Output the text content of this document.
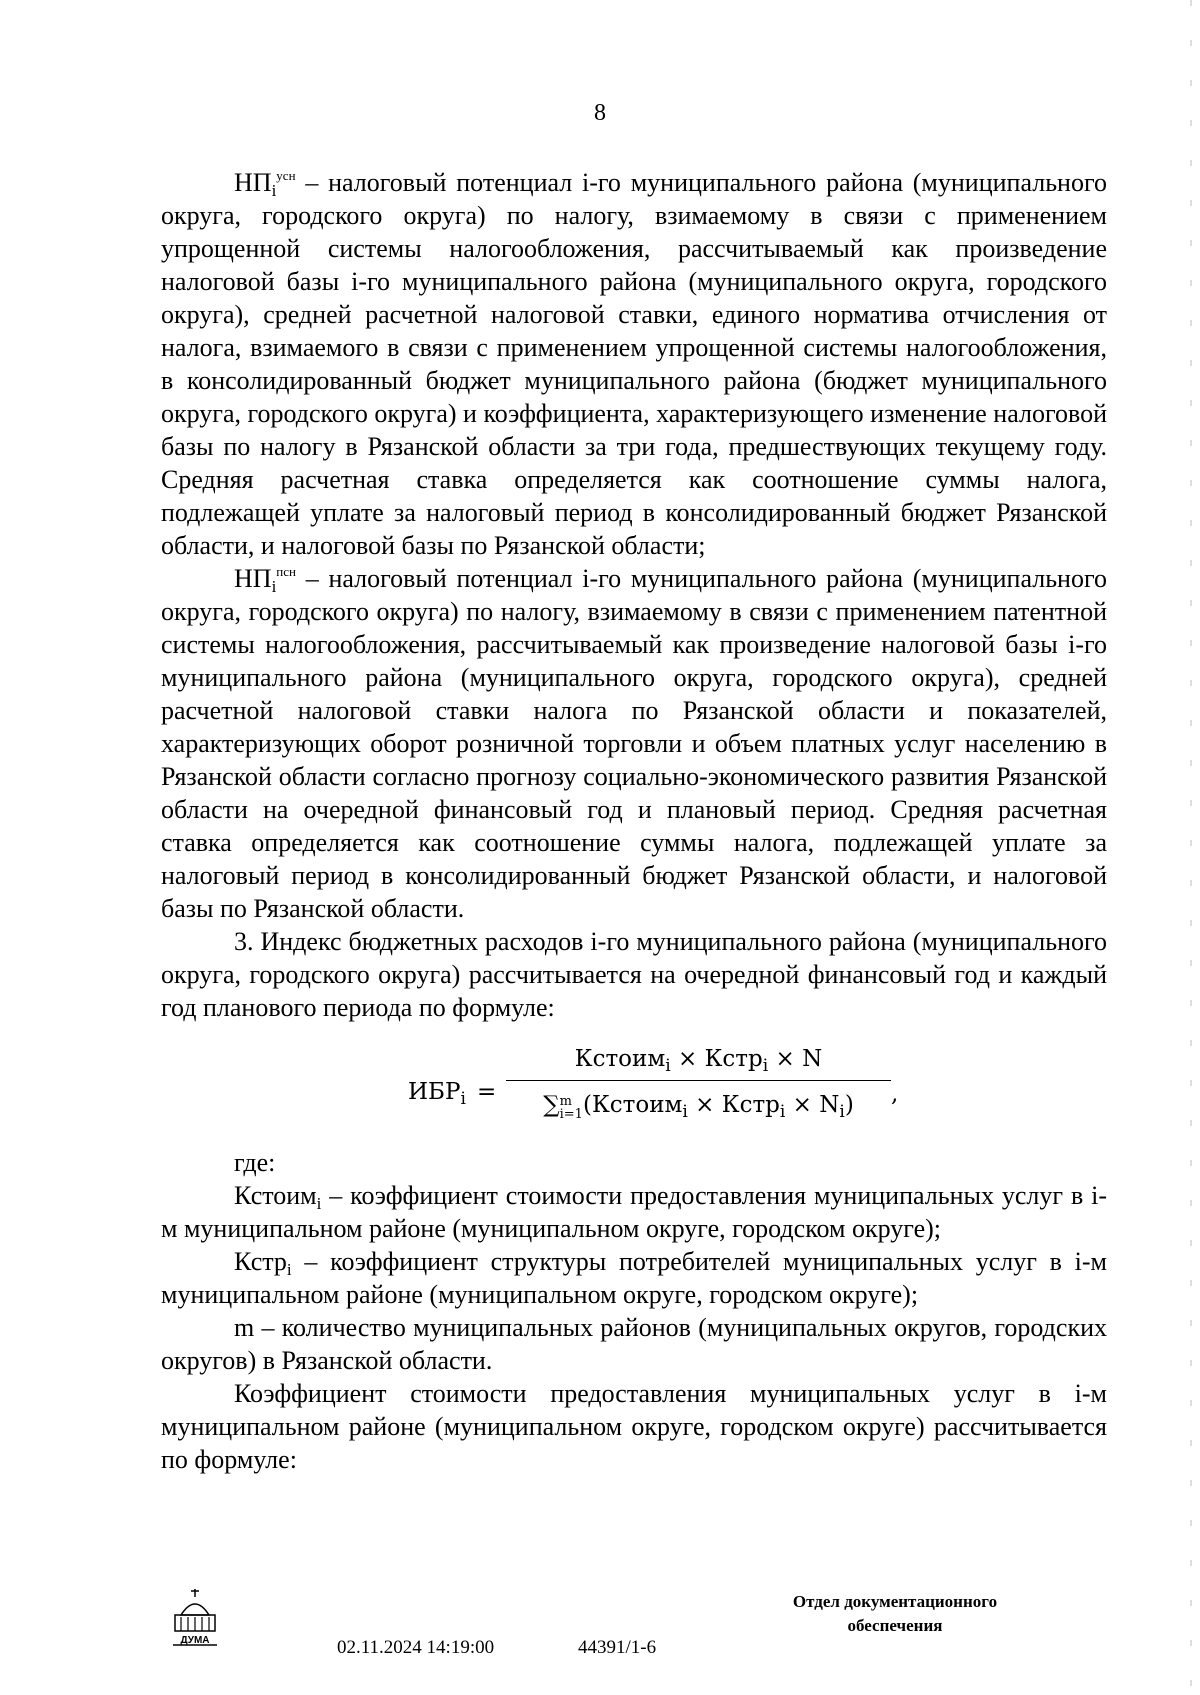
8

$НП_i^{усн}$ – налоговый потенциал i-го муниципального района (муниципального округа, городского округа) по налогу, взимаемому в связи с применением упрощенной системы налогообложения, рассчитываемый как произведение налоговой базы i-го муниципального района (муниципального округа, городского округа), средней расчетной налоговой ставки, единого норматива отчисления от налога, взимаемого в связи с применением упрощенной системы налогообложения, в консолидированный бюджет муниципального района (бюджет муниципального округа, городского округа) и коэффициента, характеризующего изменение налоговой базы по налогу в Рязанской области за три года, предшествующих текущему году. Средняя расчетная ставка определяется как соотношение суммы налога, подлежащей уплате за налоговый период в консолидированный бюджет Рязанской области, и налоговой базы по Рязанской области;

$НП_i^{псн}$ – налоговый потенциал i-го муниципального района (муниципального округа, городского округа) по налогу, взимаемому в связи с применением патентной системы налогообложения, рассчитываемый как произведение налоговой базы i-го муниципального района (муниципального округа, городского округа), средней расчетной налоговой ставки налога по Рязанской области и показателей, характеризующих оборот розничной торговли и объем платных услуг населению в Рязанской области согласно прогнозу социально-экономического развития Рязанской области на очередной финансовый год и плановый период. Средняя расчетная ставка определяется как соотношение суммы налога, подлежащей уплате за налоговый период в консолидированный бюджет Рязанской области, и налоговой базы по Рязанской области.

3. Индекс бюджетных расходов i-го муниципального района (муниципального округа, городского округа) рассчитывается на очередной финансовый год и каждый год планового периода по формуле:

$ИБР_i$ =
Кстоим$_i$ × Кстр$_i$ × N
∑ m
i=1 (Кстоим$_i$ × Кстр$_i$ × $N_i$)	,

где:

Кстоим$_i$ – коэффициент стоимости предоставления муниципальных услуг в i-м муниципальном районе (муниципальном округе, городском округе);

Кстр$_i$ – коэффициент структуры потребителей муниципальных услуг в i-м муниципальном районе (муниципальном округе, городском округе);

m – количество муниципальных районов (муниципальных округов, городских округов) в Рязанской области.

Коэффициент стоимости предоставления муниципальных услуг в i-м муниципальном районе (муниципальном округе, городском округе) рассчитывается по формуле:

ДУМА	02.11.2024 14:19:00	44391/1-6
Отдел документационного
обеспечения
